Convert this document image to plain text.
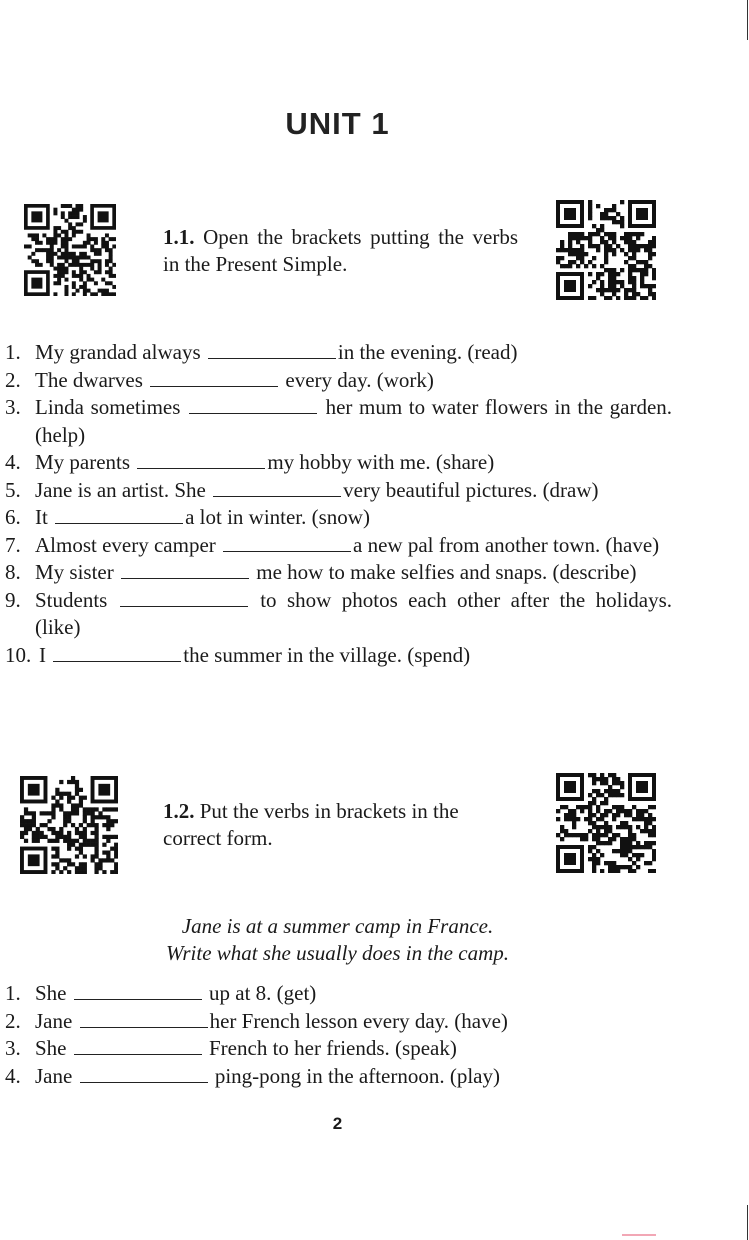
UNIT 1
1.1. Open the brackets putting the verbs in the Present Simple.
1. My grandad always	in the evening. (read)
2. The dwarves	every day. (work)
3. Linda sometimes	her mum to water flowers in the garden. (help)
4. My parents	my hobby with me. (share)
5. Jane is an artist. She	very beautiful pictures. (draw)
6. It	a lot in winter. (snow)
7. Almost every camper	a new pal from another town. (have)
8. My sister	me how to make selfies and snaps. (describe)
9. Students	to show photos each other after the holidays. (like)
10. I	the summer in the village. (spend)
1.2. Put the verbs in brackets in the correct form.
Jane is at a summer camp in France.
Write what she usually does in the camp.
1. She	up at 8. (get)
2. Jane	her French lesson every day. (have)
3. She	French to her friends. (speak)
4. Jane	ping-pong in the afternoon. (play)
2
